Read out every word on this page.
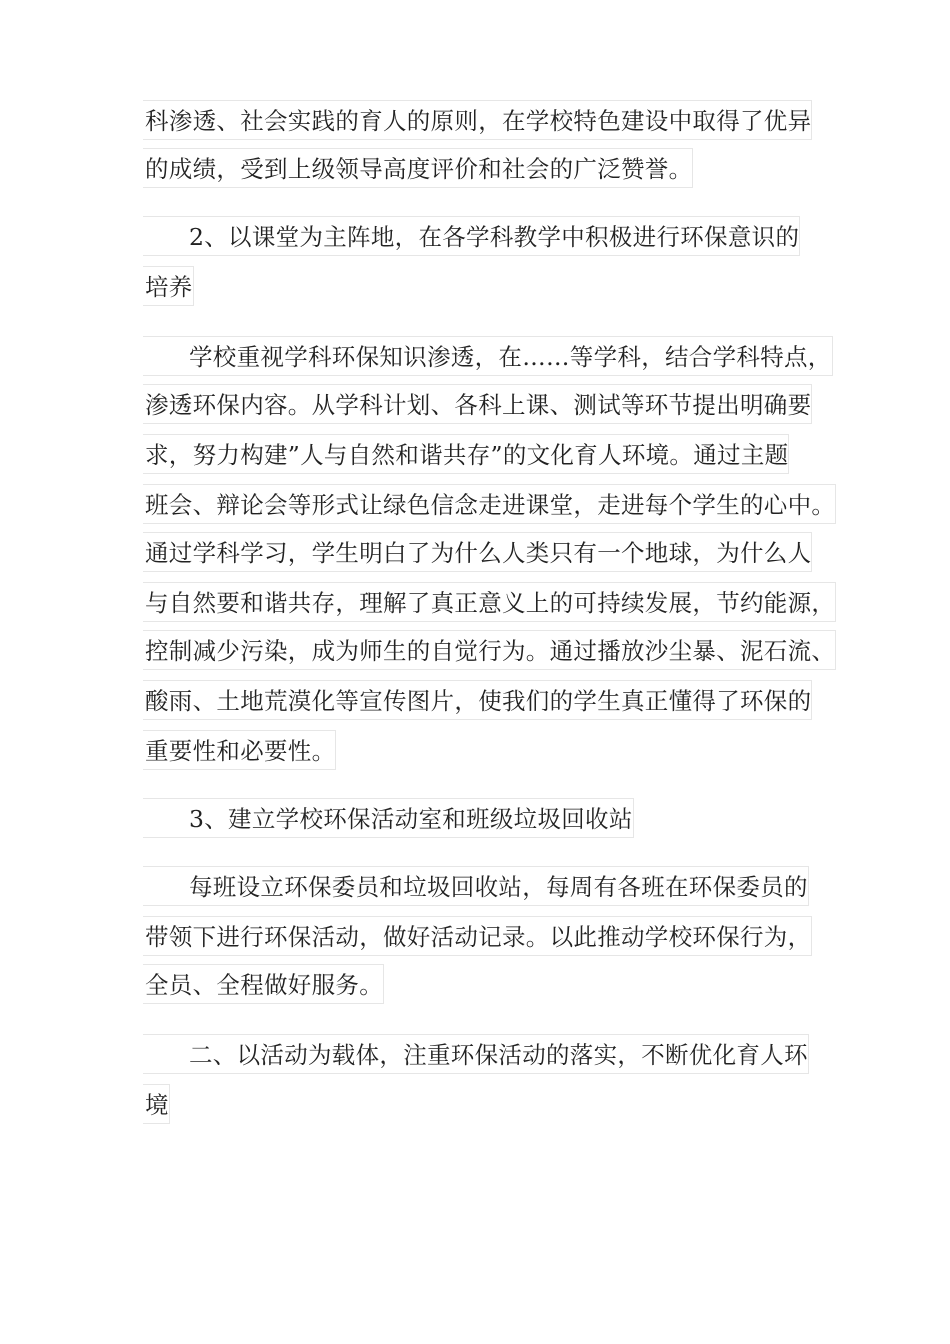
科渗透、社会实践的育人的原则，在学校特色建设中取得了优异
的成绩，受到上级领导高度评价和社会的广泛赞誉。
2、以课堂为主阵地，在各学科教学中积极进行环保意识的
培养
学校重视学科环保知识渗透，在……等学科，结合学科特点，
渗透环保内容。从学科计划、各科上课、测试等环节提出明确要
求，努力构建”人与自然和谐共存”的文化育人环境。通过主题
班会、辩论会等形式让绿色信念走进课堂，走进每个学生的心中。
通过学科学习，学生明白了为什么人类只有一个地球，为什么人
与自然要和谐共存，理解了真正意义上的可持续发展，节约能源，
控制减少污染，成为师生的自觉行为。通过播放沙尘暴、泥石流、
酸雨、土地荒漠化等宣传图片，使我们的学生真正懂得了环保的
重要性和必要性。
3、建立学校环保活动室和班级垃圾回收站
每班设立环保委员和垃圾回收站，每周有各班在环保委员的
带领下进行环保活动，做好活动记录。以此推动学校环保行为，
全员、全程做好服务。
二、以活动为载体，注重环保活动的落实，不断优化育人环
境
